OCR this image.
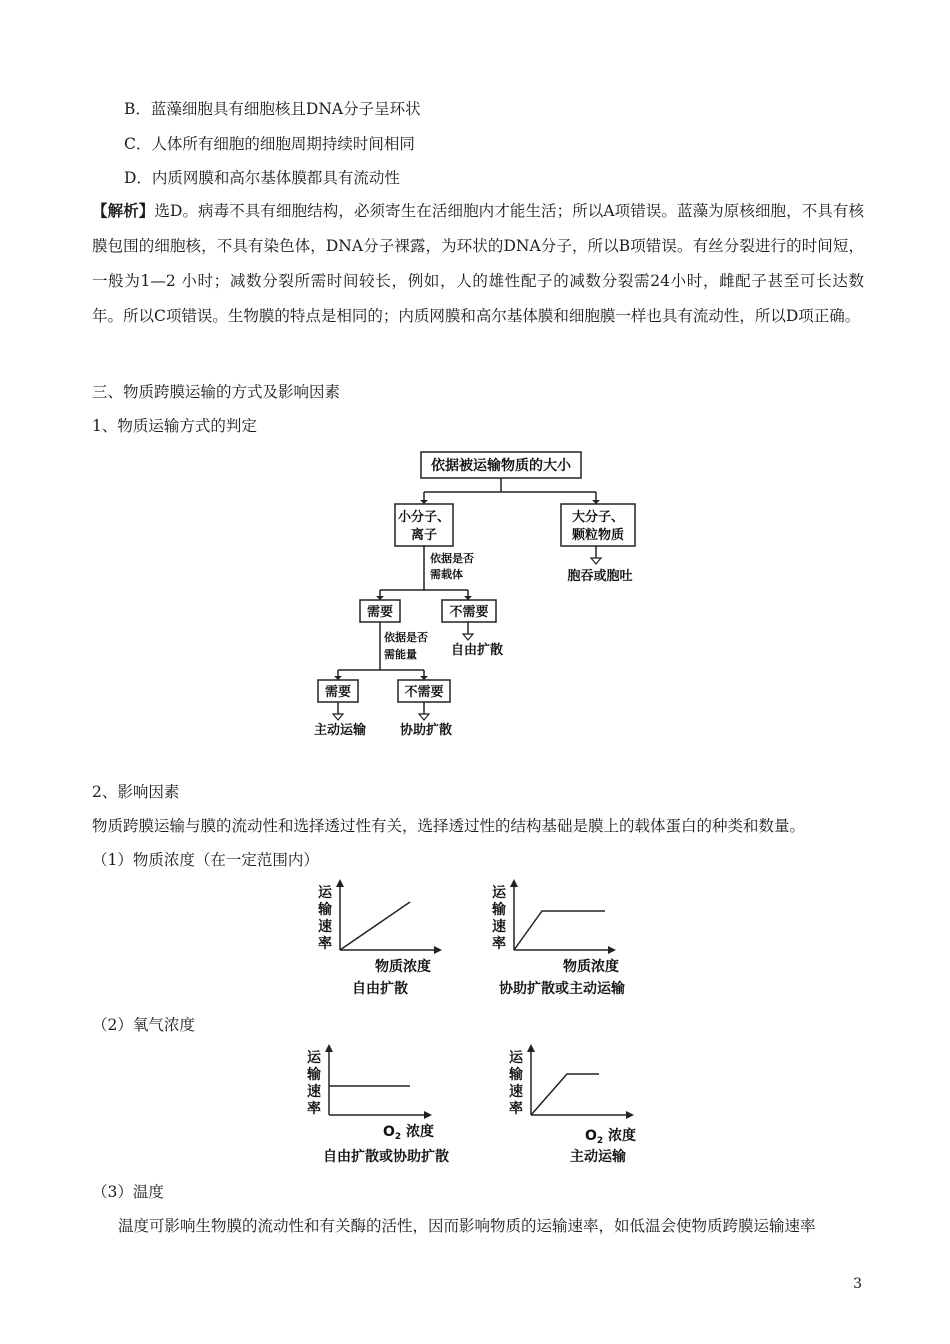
B．蓝藻细胞具有细胞核且DNA分子呈环状
C．人体所有细胞的细胞周期持续时间相同
D．内质网膜和高尔基体膜都具有流动性
【解析】选D。病毒不具有细胞结构，必须寄生在活细胞内才能生活；所以A项错误。蓝藻为原核细胞，不具有核膜包围的细胞核，不具有染色体，DNA分子裸露，为环状的DNA分子，所以B项错误。有丝分裂进行的时间短，一般为1—2 小时；减数分裂所需时间较长，例如，人的雄性配子的减数分裂需24小时，雌配子甚至可长达数年。所以C项错误。生物膜的特点是相同的；内质网膜和高尔基体膜和细胞膜一样也具有流动性，所以D项正确。
三、物质跨膜运输的方式及影响因素
1、物质运输方式的判定
依据被运输物质的大小
小分子、
离子
大分子、
颗粒物质
胞吞或胞吐
依据是否
需载体
需要	不需要
自由扩散
依据是否
需能量
需要	不需要
主动运输	协助扩散
2、影响因素
物质跨膜运输与膜的流动性和选择透过性有关，选择透过性的结构基础是膜上的载体蛋白的种类和数量。
（1）物质浓度（在一定范围内）
运
输
速
率
运
输
速
率
物质浓度	物质浓度
自由扩散	协助扩散或主动运输
（2）氧气浓度
运
输
速
率
运
输
速
率
$O_2$ 浓度	$O_2$ 浓度
自由扩散或协助扩散	主动运输
（3）温度
温度可影响生物膜的流动性和有关酶的活性，因而影响物质的运输速率，如低温会使物质跨膜运输速率
3
